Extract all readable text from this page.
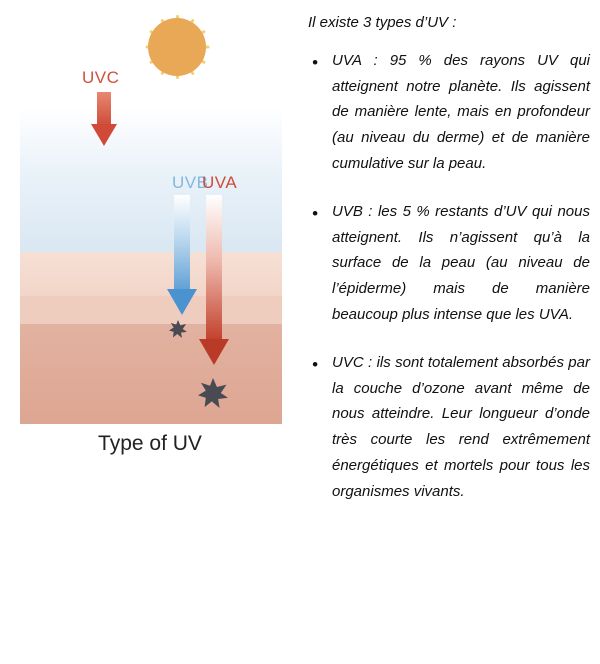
UVC
UVB
UVA
Type of UV

Il existe 3 types d’UV :

• UVA : 95 % des rayons UV qui atteignent notre planète. Ils agissent de manière lente, mais en profondeur (au niveau du derme) et de manière cumulative sur la peau.
• UVB : les 5 % restants d’UV qui nous atteignent. Ils n’agissent qu’à la surface de la peau (au niveau de l’épiderme) mais de manière beaucoup plus intense que les UVA.
• UVC : ils sont totalement absorbés par la couche d’ozone avant même de nous atteindre. Leur longueur d’onde très courte les rend extrêmement énergétiques et mortels pour tous les organismes vivants.
